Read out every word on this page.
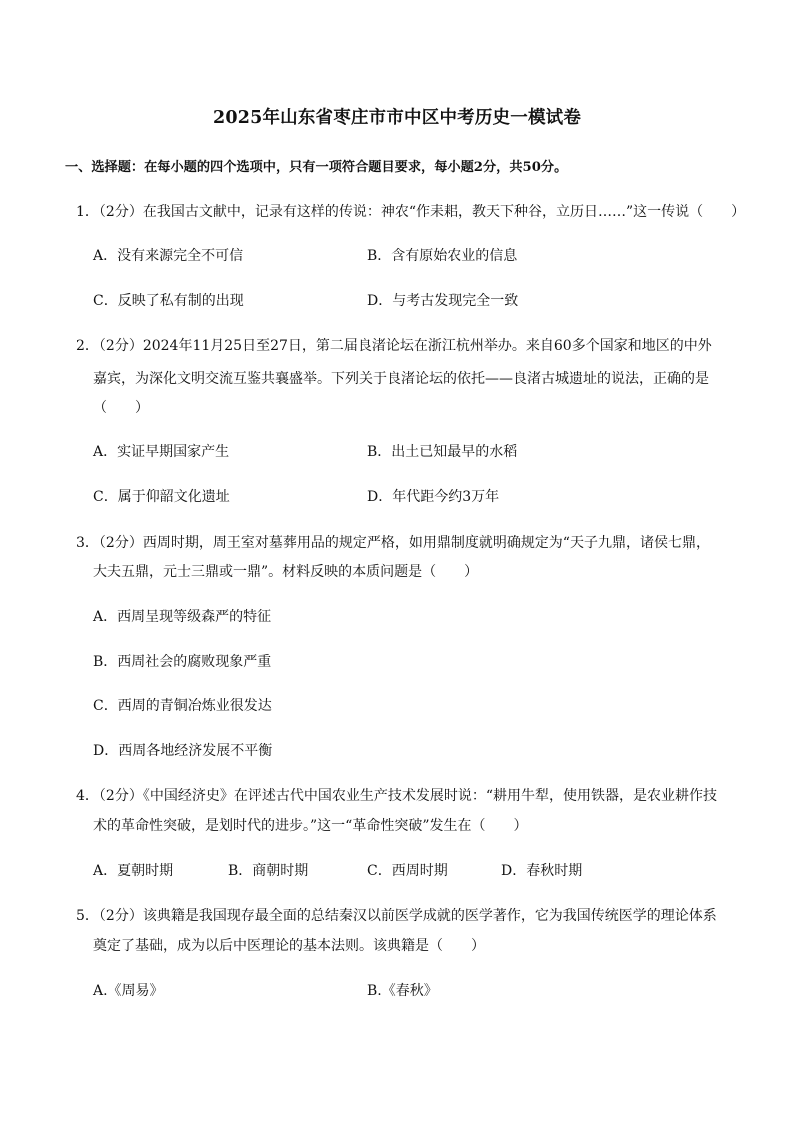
2025年山东省枣庄市市中区中考历史一模试卷
一、选择题：在每小题的四个选项中，只有一项符合题目要求，每小题2分，共50分。
1．（2分）在我国古文献中，记录有这样的传说：神农“作耒耜，教天下种谷，立历日……”这一传说（　　）
A．没有来源完全不可信	B．含有原始农业的信息
C．反映了私有制的出现	D．与考古发现完全一致
2．（2分）2024年11月25日至27日，第二届良渚论坛在浙江杭州举办。来自60多个国家和地区的中外
嘉宾，为深化文明交流互鉴共襄盛举。下列关于良渚论坛的依托——良渚古城遗址的说法，正确的是
（　　）
A．实证早期国家产生	B．出土已知最早的水稻
C．属于仰韶文化遗址	D．年代距今约3万年
3．（2分）西周时期，周王室对墓葬用品的规定严格，如用鼎制度就明确规定为“天子九鼎，诸侯七鼎，
大夫五鼎，元士三鼎或一鼎”。材料反映的本质问题是（　　）
A．西周呈现等级森严的特征
B．西周社会的腐败现象严重
C．西周的青铜冶炼业很发达
D．西周各地经济发展不平衡
4．（2分）《中国经济史》在评述古代中国农业生产技术发展时说：“耕用牛犁，使用铁器，是农业耕作技
术的革命性突破，是划时代的进步。”这一“革命性突破”发生在（　　）
A．夏朝时期	B．商朝时期	C．西周时期	D．春秋时期
5．（2分）该典籍是我国现存最全面的总结秦汉以前医学成就的医学著作，它为我国传统医学的理论体系
奠定了基础，成为以后中医理论的基本法则。该典籍是（　　）
A.《周易》	B.《春秋》
